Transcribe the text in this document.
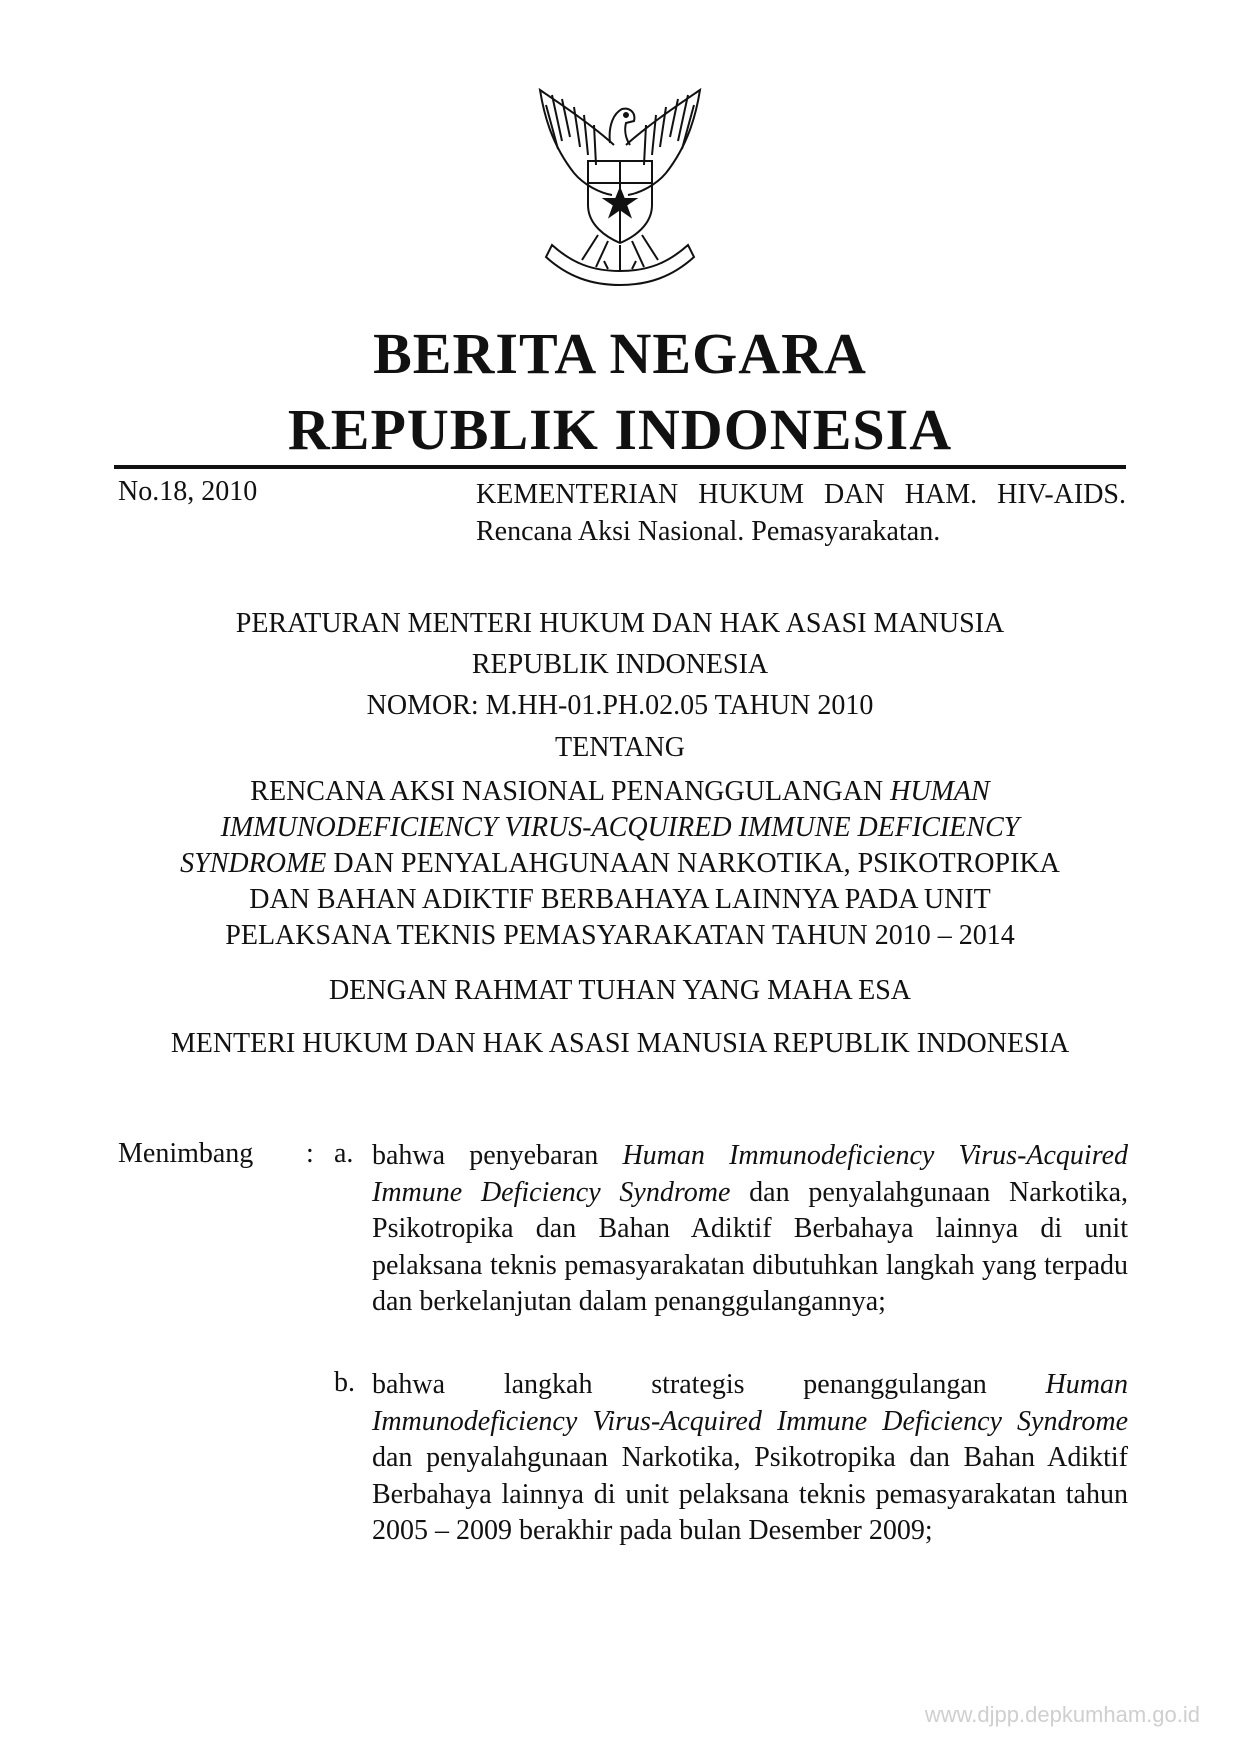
BERITA NEGARA
REPUBLIK INDONESIA
No.18, 2010	KEMENTERIAN HUKUM DAN HAM. HIV-AIDS. Rencana Aksi Nasional. Pemasyarakatan.
PERATURAN MENTERI HUKUM DAN HAK ASASI MANUSIA
REPUBLIK INDONESIA
NOMOR: M.HH-01.PH.02.05 TAHUN 2010
TENTANG
RENCANA AKSI NASIONAL PENANGGULANGAN HUMAN IMMUNODEFICIENCY VIRUS-ACQUIRED IMMUNE DEFICIENCY SYNDROME DAN PENYALAHGUNAAN NARKOTIKA, PSIKOTROPIKA DAN BAHAN ADIKTIF BERBAHAYA LAINNYA PADA UNIT PELAKSANA TEKNIS PEMASYARAKATAN TAHUN 2010 – 2014
DENGAN RAHMAT TUHAN YANG MAHA ESA
MENTERI HUKUM DAN HAK ASASI MANUSIA REPUBLIK INDONESIA
Menimbang : a. bahwa penyebaran Human Immunodeficiency Virus-Acquired Immune Deficiency Syndrome dan penyalahgunaan Narkotika, Psikotropika dan Bahan Adiktif Berbahaya lainnya di unit pelaksana teknis pemasyarakatan dibutuhkan langkah yang terpadu dan berkelanjutan dalam penanggulangannya;
b. bahwa langkah strategis penanggulangan Human Immunodeficiency Virus-Acquired Immune Deficiency Syndrome dan penyalahgunaan Narkotika, Psikotropika dan Bahan Adiktif Berbahaya lainnya di unit pelaksana teknis pemasyarakatan tahun 2005 – 2009 berakhir pada bulan Desember 2009;
www.djpp.depkumham.go.id
